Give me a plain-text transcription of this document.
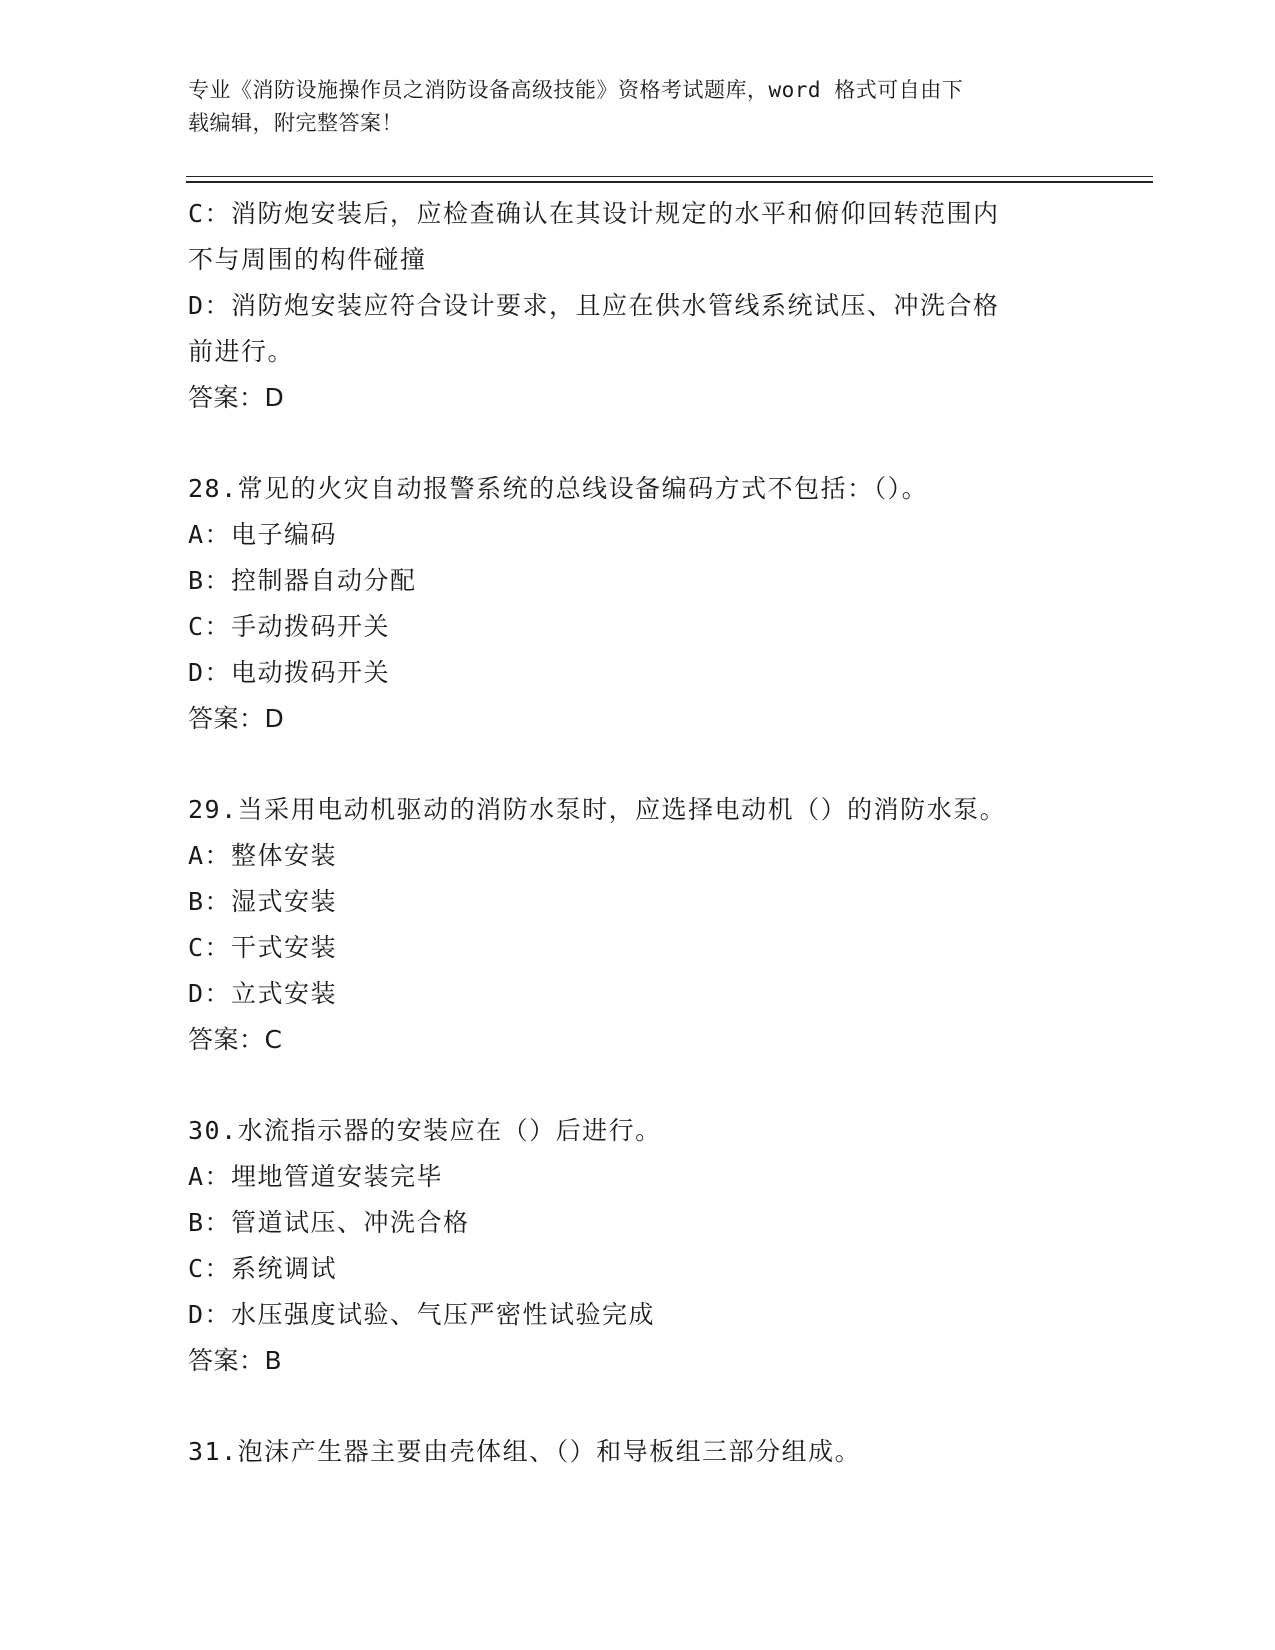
专业《消防设施操作员之消防设备高级技能》资格考试题库，word 格式可自由下
载编辑，附完整答案！
C：消防炮安装后，应检查确认在其设计规定的水平和俯仰回转范围内
不与周围的构件碰撞
D：消防炮安装应符合设计要求，且应在供水管线系统试压、冲洗合格
前进行。
答案：D
28.常见的火灾自动报警系统的总线设备编码方式不包括：（）。
A：电子编码
B：控制器自动分配
C：手动拨码开关
D：电动拨码开关
答案：D
29.当采用电动机驱动的消防水泵时，应选择电动机（）的消防水泵。
A：整体安装
B：湿式安装
C：干式安装
D：立式安装
答案：C
30.水流指示器的安装应在（）后进行。
A：埋地管道安装完毕
B：管道试压、冲洗合格
C：系统调试
D：水压强度试验、气压严密性试验完成
答案：B
31.泡沫产生器主要由壳体组、（）和导板组三部分组成。
